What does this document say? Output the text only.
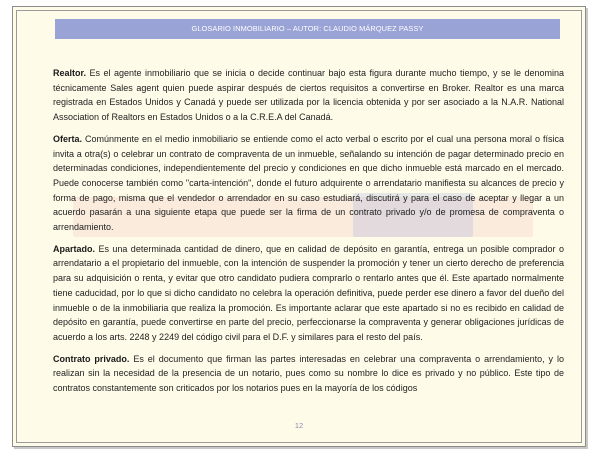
GLOSARIO INMOBILIARIO – AUTOR: CLAUDIO MÁRQUEZ PASSY

Realtor. Es el agente inmobiliario que se inicia o decide continuar bajo esta figura durante mucho tiempo, y se le denomina técnicamente Sales agent quien puede aspirar después de ciertos requisitos a convertirse en Broker. Realtor es una marca registrada en Estados Unidos y Canadá y puede ser utilizada por la licencia obtenida y por ser asociado a la N.A.R. National Association of Realtors en Estados Unidos o a la C.R.E.A del Canadá.

Oferta. Comúnmente en el medio inmobiliario se entiende como el acto verbal o escrito por el cual una persona moral o física invita a otra(s) o celebrar un contrato de compraventa de un inmueble, señalando su intención de pagar determinado precio en determinadas condiciones, independientemente del precio y condiciones en que dicho inmueble está marcado en el mercado. Puede conocerse también como "carta-intención", donde el futuro adquirente o arrendatario manifiesta su alcances de precio y forma de pago, misma que el vendedor o arrendador en su caso estudiará, discutirá y para el caso de aceptar y llegar a un acuerdo pasarán a una siguiente etapa que puede ser la firma de un contrato privado y/o de promesa de compraventa o arrendamiento.

Apartado. Es una determinada cantidad de dinero, que en calidad de depósito en garantía, entrega un posible comprador o arrendatario a el propietario del inmueble, con la intención de suspender la promoción y tener un cierto derecho de preferencia para su adquisición o renta, y evitar que otro candidato pudiera comprarlo o rentarlo antes que él. Este apartado normalmente tiene caducidad, por lo que si dicho candidato no celebra la operación definitiva, puede perder ese dinero a favor del dueño del inmueble o de la inmobiliaria que realiza la promoción. Es importante aclarar que este apartado si no es recibido en calidad de depósito en garantía, puede convertirse en parte del precio, perfeccionarse la compraventa y generar obligaciones jurídicas de acuerdo a los arts. 2248 y 2249 del código civil para el D.F. y similares para el resto del país.

Contrato privado. Es el documento que firman las partes interesadas en celebrar una compraventa o arrendamiento, y lo realizan sin la necesidad de la presencia de un notario, pues como su nombre lo dice es privado y no público. Este tipo de contratos constantemente son criticados por los notarios pues en la mayoría de los códigos

12
